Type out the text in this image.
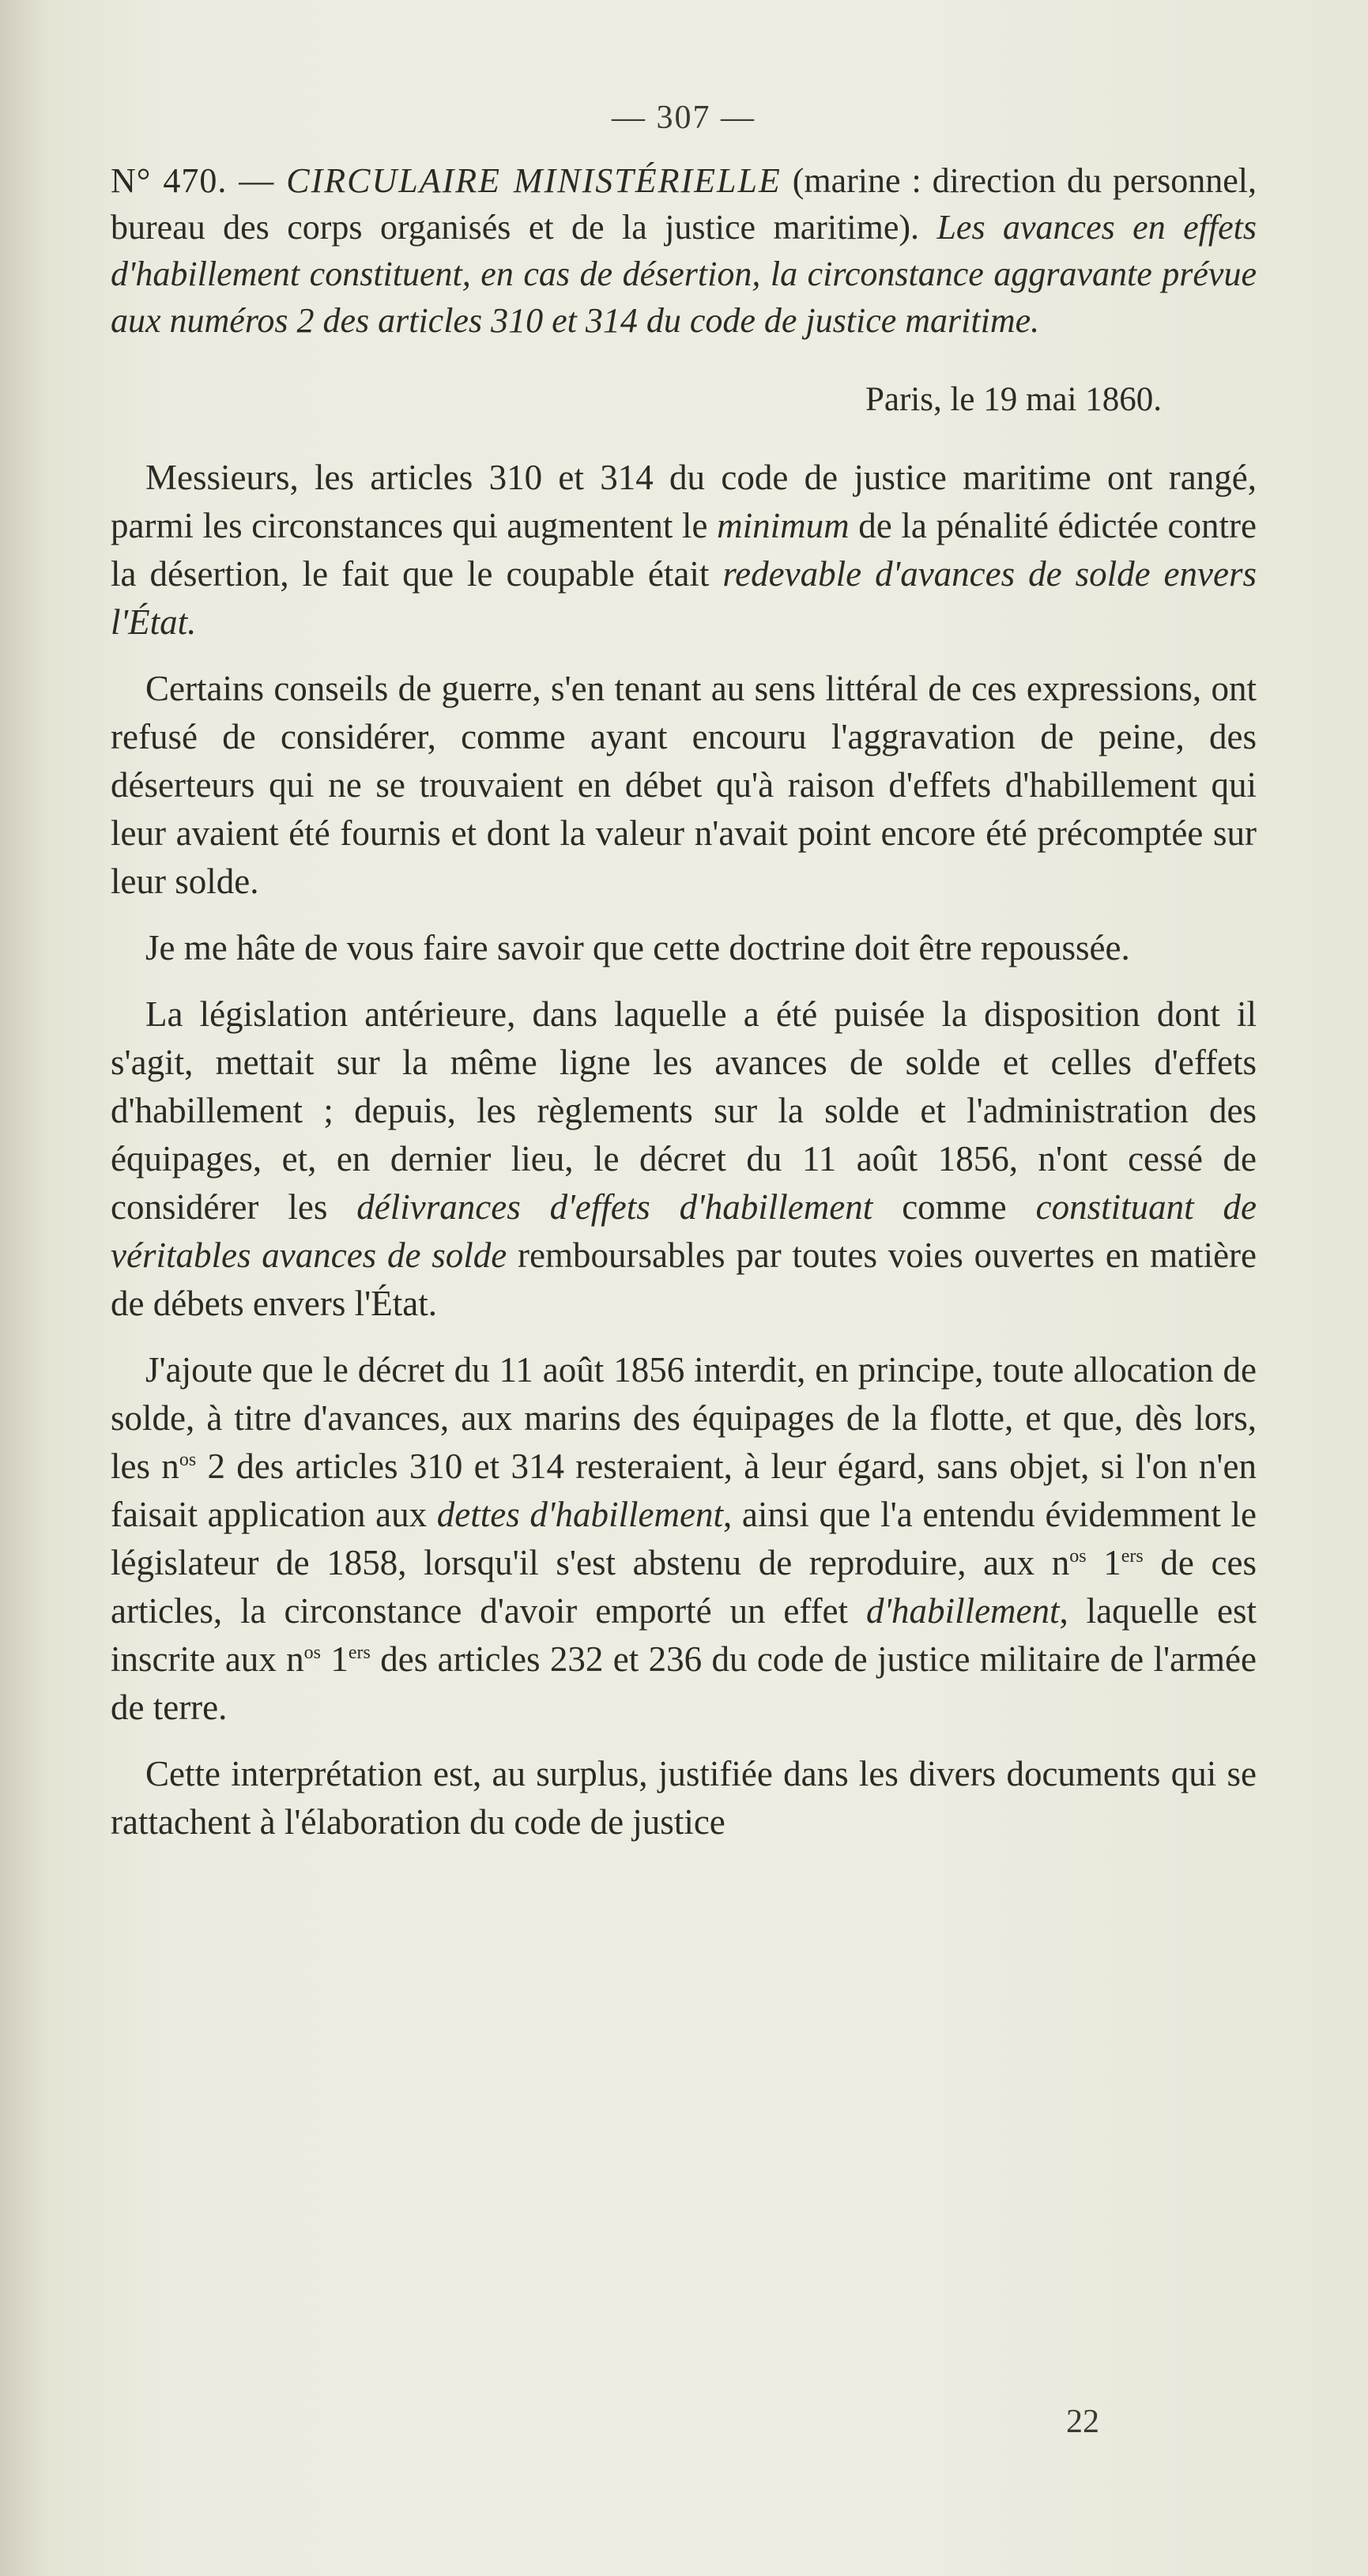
— 307 —

N° 470. — CIRCULAIRE MINISTÉRIELLE (marine : direction du personnel, bureau des corps organisés et de la justice maritime). Les avances en effets d'habillement constituent, en cas de désertion, la circonstance aggravante prévue aux numéros 2 des articles 310 et 314 du code de justice maritime.

Paris, le 19 mai 1860.

Messieurs, les articles 310 et 314 du code de justice maritime ont rangé, parmi les circonstances qui augmentent le minimum de la pénalité édictée contre la désertion, le fait que le coupable était redevable d'avances de solde envers l'État.

Certains conseils de guerre, s'en tenant au sens littéral de ces expressions, ont refusé de considérer, comme ayant encouru l'aggravation de peine, des déserteurs qui ne se trouvaient en débet qu'à raison d'effets d'habillement qui leur avaient été fournis et dont la valeur n'avait point encore été précomptée sur leur solde.

Je me hâte de vous faire savoir que cette doctrine doit être repoussée.

La législation antérieure, dans laquelle a été puisée la disposition dont il s'agit, mettait sur la même ligne les avances de solde et celles d'effets d'habillement ; depuis, les règlements sur la solde et l'administration des équipages, et, en dernier lieu, le décret du 11 août 1856, n'ont cessé de considérer les délivrances d'effets d'habillement comme constituant de véritables avances de solde remboursables par toutes voies ouvertes en matière de débets envers l'État.

J'ajoute que le décret du 11 août 1856 interdit, en principe, toute allocation de solde, à titre d'avances, aux marins des équipages de la flotte, et que, dès lors, les $n^{os}$ 2 des articles 310 et 314 resteraient, à leur égard, sans objet, si l'on n'en faisait application aux dettes d'habillement, ainsi que l'a entendu évidemment le législateur de 1858, lorsqu'il s'est abstenu de reproduire, aux $n^{os}$ 1ers de ces articles, la circonstance d'avoir emporté un effet d'habillement, laquelle est inscrite aux $n^{os}$ 1ers des articles 232 et 236 du code de justice militaire de l'armée de terre.

Cette interprétation est, au surplus, justifiée dans les divers documents qui se rattachent à l'élaboration du code de justice

22
